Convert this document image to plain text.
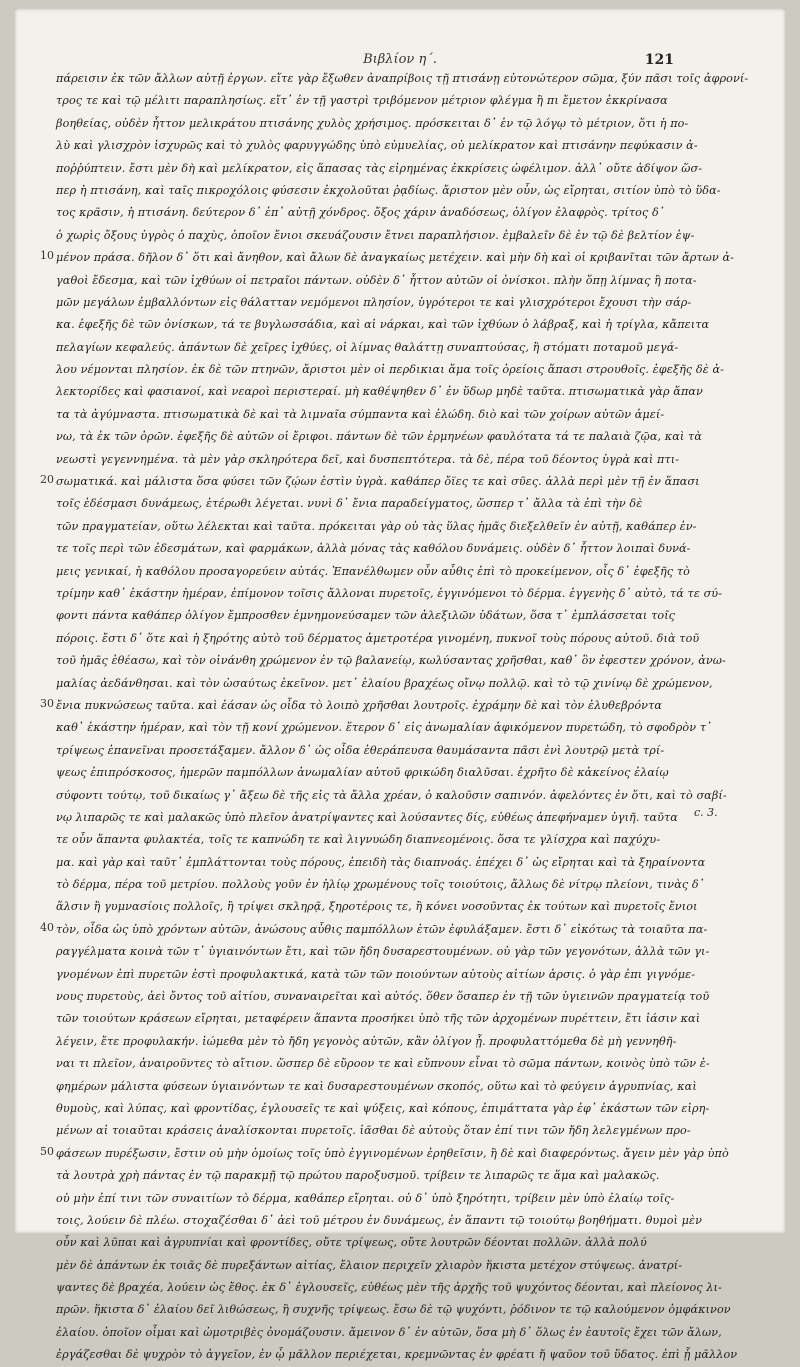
Βιβλίον η΄.	121
10
20
30
40
50
πάρεισιν ἐκ τῶν ἄλλων αὐτῇ ἐργων. εἴτε γὰρ ἔξωθεν ἀναπρίβοις τῇ πτισάνῃ εὐτονώτερον σῶμα, ξύν πᾶσι τοῖς ἀφρονί-
τρος τε καὶ τῷ μέλιτι παραπλησίως. εἴτ᾽ ἐν τῇ γαστρὶ τριβόμενον μέτριον φλέγμα ἢ πι ἔμετον ἐκκρίνασα
βοηθείας, οὐδὲν ἧττον μελικράτου πτισάνης χυλὸς χρήσιμος. πρόσκειται δ᾽ ἐν τῷ λόγῳ τὸ μέτριον, ὅτι ἡ πο-
λὺ καὶ γλισχρὸν ἰσχυρῶς καὶ τὸ χυλὸς φαρυγγώδης ὑπὸ εὐμυελίας, οὐ μελίκρατον καὶ πτισάνην πεφύκασιν ἀ-
ποῤῥύπτειν. ἔστι μὲν δὴ καὶ μελίκρατον, εἰς ἅπασας τὰς εἰρημένας ἐκκρίσεις ὠφέλιμον. ἀλλ᾽ οὔτε ἀδίψον ὥσ-
περ ἡ πτισάνη, καὶ ταῖς πικροχόλοις φύσεσιν ἐκχολοῦται ῥᾳδίως. ἄριστον μὲν οὖν, ὡς εἴρηται, σιτίον ὑπὸ τὸ ὕδα-
τος κρᾶσιν, ἡ πτισάνη. δεύτερον δ᾽ ἐπ᾽ αὐτῇ χόνδρος. ὄξος χάριν ἀναδόσεως, ὀλίγον ἐλαφρὸς. τρίτος δ᾽
ὁ χωρὶς ὄξους ὑγρὸς ὁ παχὺς, ὁποῖον ἔνιοι σκευάζουσιν ἔτνει παραπλήσιον. ἐμβαλεῖν δὲ ἐν τῷ δὲ βελτίον ἑψ-
μένον πράσα. δῆλον δ᾽ ὅτι καὶ ἄνηθον, καὶ ἄλων δὲ ἀναγκαίως μετέχειν. καὶ μὴν δὴ καὶ οἱ κριβανῖται τῶν ἄρτων ἀ-
γαθοὶ ἔδεσμα, καὶ τῶν ἰχθύων οἱ πετραῖοι πάντων. οὐδὲν δ᾽ ἧττον αὐτῶν οἱ ὀνίσκοι. πλὴν ὅπῃ λίμνας ἢ ποτα-
μῶν μεγάλων ἐμβαλλόντων εἰς θάλατταν νεμόμενοι πλησίον, ὑγρότεροι τε καὶ γλισχρότεροι ἔχουσι τὴν σάρ-
κα. ἐφεξῆς δὲ τῶν ὀνίσκων, τά τε βυγλωσσάδια, καὶ αἱ νάρκαι, καὶ τῶν ἰχθύων ὁ λάβραξ, καὶ ἡ τρίγλα, κἄπειτα
πελαγίων κεφαλεύς. ἁπάντων δὲ χεῖρες ἰχθύες, οἱ λίμνας θαλάττῃ συναπτούσας, ἢ στόματι ποταμοῦ μεγά-
λου νέμονται πλησίον. ἐκ δὲ τῶν πτηνῶν, ἄριστοι μὲν οἱ περδικιαι ἅμα τοῖς ὀρείοις ἅπασι στρουθοῖς. ἐφεξῆς δὲ ἀ-
λεκτορίδες καὶ φασιανοί, καὶ νεαροὶ περιστεραί. μὴ καθέψηθεν δ᾽ ἐν ὕδωρ μηδὲ ταῦτα. πτισωματικὰ γὰρ ἅπαν
τα τὰ ἀγύμναστα. πτισωματικὰ δὲ καὶ τὰ λιμναῖα σύμπαντα καὶ ἑλώδη. διὸ καὶ τῶν χοίρων αὐτῶν ἀμεί-
νω, τὰ ἐκ τῶν ὀρῶν. ἐφεξῆς δὲ αὐτῶν οἱ ἔριφοι. πάντων δὲ τῶν ἑρμηνέων φαυλότατα τά τε παλαιὰ ζῷα, καὶ τὰ
νεωστὶ γεγεννημένα. τὰ μὲν γὰρ σκληρότερα δεῖ, καὶ δυσπεπτότερα. τὰ δὲ, πέρα τοῦ δέοντος ὑγρὰ καὶ πτι-
σωματικά. καὶ μάλιστα ὅσα φύσει τῶν ζῴων ἐστὶν ὑγρὰ. καθάπερ ὄϊες τε καὶ σῦες. ἀλλὰ περὶ μὲν τῇ ἐν ἅπασι
τοῖς ἐδέσμασι δυνάμεως, ἑτέρωθι λέγεται. νυνὶ δ᾽ ἔνια παραδείγματος, ὥσπερ τ᾽ ἄλλα τὰ ἐπὶ τὴν δὲ
τῶν πραγματείαν, οὕτω λέλεκται καὶ ταῦτα. πρόκειται γὰρ οὐ τὰς ὕλας ἡμᾶς διεξελθεῖν ἐν αὐτῇ, καθάπερ ἐν-
τε τοῖς περὶ τῶν ἐδεσμάτων, καὶ φαρμάκων, ἀλλὰ μόνας τὰς καθόλου δυνάμεις. οὐδὲν δ᾽ ἧττον λοιπαὶ δυνά-
μεις γενικαί, ἡ καθόλου προσαγορεύειν αὐτάς. Ἐπανέλθωμεν οὖν αὖθις ἐπὶ τὸ προκείμενον, οἷς δ᾽ ἐφεξῆς τὸ
τρίμην καθ᾽ ἑκάστην ἡμέραν, ἐπίμονον τοῖσις ἄλλοναι πυρετοῖς, ἐγγινόμενοι τὸ δέρμα. ἐγγενὴς δ᾽ αὐτὸ, τά τε σύ-
φοντι πάντα καθάπερ ὀλίγον ἔμπροσθεν ἐμνημονεύσαμεν τῶν ἀλεξιλῶν ὑδάτων, ὅσα τ᾽ ἐμπλάσσεται τοῖς
πόροις. ἔστι δ᾽ ὅτε καὶ ἡ ξηρότης αὐτὸ τοῦ δέρματος ἀμετροτέρα γινομένη, πυκνοῖ τοὺς πόρους αὐτοῦ. διὰ τοῦ
τοῦ ἡμᾶς ἐθέασω, καὶ τὸν οἰνάνθη χρώμενον ἐν τῷ βαλανείῳ, κωλύσαντας χρῆσθαι, καθ᾽ ὃν ἐφεστεν χρόνον, ἀνω-
μαλίας ἀεδάνθησαι. καὶ τὸν ὡσαύτως ἐκεῖνον. μετ᾽ ἐλαίου βραχέως οἴνῳ πολλῷ. καὶ τὸ τῷ χινίνῳ δὲ χρώμενον,
ἔνια πυκνώσεως ταῦτα. καὶ ἐάσαν ὡς οἶδα τὸ λοιπὸ χρῆσθαι λουτροῖς. ἐχράμην δὲ καὶ τὸν ἐλυθεβρόντα
καθ᾽ ἑκάστην ἡμέραν, καὶ τὸν τῇ κονί χρώμενον. ἕτερον δ᾽ εἰς ἀνωμαλίαν ἀφικόμενον πυρετώδη, τὸ σφοδρὸν τ᾽
τρίψεως ἐπανεῖναι προσετάξαμεν. ἄλλον δ᾽ ὡς οἶδα ἐθεράπευσα θαυμάσαντα πᾶσι ἐνὶ λουτρῷ μετὰ τρί-
ψεως ἐπιπρόσκοσος, ἡμερῶν παμπόλλων ἀνωμαλίαν αὐτοῦ φρικώδη διαλῦσαι. ἐχρῆτο δὲ κἀκείνος ἐλαίῳ
σύφοντι τούτῳ, τοῦ δικαίως γ᾽ ἄξεω δὲ τῆς εἰς τὰ ἄλλα χρέαν, ὁ καλοῦσιν σαπινόν. ἀφελόντες ἐν ὅτι, καὶ τὸ σαβί-
νῳ λιπαρῶς τε καὶ μαλακῶς ὑπὸ πλεῖον ἀνατρίψαντες καὶ λούσαντες δίς, εὐθέως ἀπεφήναμεν ὑγιῆ. ταῦτα
τε οὖν ἅπαντα φυλακτέα, τοῖς τε καπνώδη τε καὶ λιγνυώδη διαπνεομένοις. ὅσα τε γλίσχρα καὶ παχύχυ-
μα. καὶ γὰρ καὶ ταῦτ᾽ ἐμπλάττονται τοὺς πόρους, ἐπειδὴ τὰς διαπνοάς. ἐπέχει δ᾽ ὡς εἴρηται καὶ τὰ ξηραίνοντα
τὸ δέρμα, πέρα τοῦ μετρίου. πολλοὺς γοῦν ἐν ἡλίῳ χρωμένους τοῖς τοιούτοις, ἄλλως δὲ νίτρῳ πλείονι, τινὰς δ᾽
ἅλσιν ἢ γυμνασίοις πολλοῖς, ἢ τρίψει σκληρᾷ, ξηροτέροις τε, ἢ κόνει νοσοῦντας ἐκ τούτων καὶ πυρετοῖς ἔνιοι
τὸν, οἶδα ὡς ὑπὸ χρόντων αὐτῶν, ἀνώσους αὖθις παμπόλλων ἐτῶν ἐφυλάξαμεν. ἔστι δ᾽ εἰκότως τὰ τοιαῦτα πα-
ραγγέλματα κοινὰ τῶν τ᾽ ὑγιαινόντων ἔτι, καὶ τῶν ἤδη δυσαρεστουμένων. οὐ γὰρ τῶν γεγονότων, ἀλλὰ τῶν γι-
γνομένων ἐπὶ πυρετῶν ἐστὶ προφυλακτικά, κατὰ τῶν τῶν ποιούντων αὐτοὺς αἰτίων ἀρσις. ὁ γὰρ ἐπι γιγνόμε-
νους πυρετοὺς, ἀεὶ ὄντος τοῦ αἰτίου, συναναιρεῖται καὶ αὐτός. ὅθεν ὅσαπερ ἐν τῇ τῶν ὑγιεινῶν πραγματείᾳ τοῦ
τῶν τοιούτων κράσεων εἴρηται, μεταφέρειν ἅπαντα προσήκει ὑπὸ τῆς τῶν ἀρχομένων πυρέττειν, ἔτι ἰάσιν καὶ
λέγειν, ἔτε προφυλακήν. ἰώμεθα μὲν τὸ ἤδη γεγονὸς αὐτῶν, κἂν ὀλίγον ᾖ. προφυλαττόμεθα δὲ μὴ γεννηθῆ-
ναι τι πλεῖον, ἀναιροῦντες τὸ αἴτιον. ὥσπερ δὲ εὔροον τε καὶ εὔπνουν εἶναι τὸ σῶμα πάντων, κοινὸς ὑπὸ τῶν ἐ-
φημέρων μάλιστα φύσεων ὑγιαινόντων τε καὶ δυσαρεστουμένων σκοπός, οὕτω καὶ τὸ φεύγειν ἀγρυπνίας, καὶ
θυμοὺς, καὶ λύπας, καὶ φροντίδας, ἐγλουσεῖς τε καὶ ψύξεις, καὶ κόπους, ἐπιμάττατα γὰρ ἐφ᾽ ἑκάστων τῶν εἰρη-
μένων αἱ τοιαῦται κράσεις ἀναλίσκονται πυρετοῖς. ἰᾶσθαι δὲ αὐτοὺς ὅταν ἐπί τινι τῶν ἤδη λελεγμένων προ-
φάσεων πυρέξωσιν, ἔστιν οὐ μὴν ὁμοίως τοῖς ὑπὸ ἐγγινομένων ἐρηθεῖσιν, ἢ δὲ καὶ διαφερόντως. ἄγειν μὲν γὰρ ὑπὸ
τὰ λουτρὰ χρὴ πάντας ἐν τῷ παρακμῇ τῷ πρώτου παροξυσμοῦ. τρίβειν τε λιπαρῶς τε ἅμα καὶ μαλακῶς.
οὐ μὴν ἐπί τινι τῶν συναιτίων τὸ δέρμα, καθάπερ εἴρηται. οὐ δ᾽ ὑπὸ ξηρότητι, τρίβειν μὲν ὑπὸ ἐλαίῳ τοῖς-
τοις, λούειν δὲ πλέω. στοχαζέσθαι δ᾽ ἀεὶ τοῦ μέτρου ἐν δυνάμεως, ἐν ἅπαντι τῷ τοιούτῳ βοηθήματι. θυμοὶ μὲν
οὖν καὶ λῦπαι καὶ ἀγρυπνίαι καὶ φροντίδες, οὔτε τρίψεως, οὔτε λουτρῶν δέονται πολλῶν. ἀλλὰ πολύ
μὲν δὲ ἁπάντων ἐκ τοιᾶς δὲ πυρεξάντων αἰτίας, ἔλαιον περιχεῖν χλιαρὸν ἥκιστα μετέχον στύψεως. ἀνατρί-
ψαντες δὲ βραχέα, λούειν ὡς ἔθος. ἐκ δ᾽ ἐγλουσεῖς, εὐθέως μὲν τῆς ἀρχῆς τοῦ ψυχόντος δέονται, καὶ πλείονος λι-
πρῶν. ἥκιστα δ᾽ ἐλαίου δεῖ λιθώσεως, ἢ συχνῆς τρίψεως. ἔσω δὲ τῷ ψυχόντι, ῥόδινον τε τῷ καλούμενον ὀμφάκινον
ἐλαίου. ὁποῖον οἷμαι καὶ ὠμοτριβὲς ὀνομάζουσιν. ἄμεινον δ᾽ ἐν αὐτῶν, ὅσα μὴ δ᾽ ὅλως ἐν ἑαυτοῖς ἔχει τῶν ἄλων,
ἐργάζεσθαι δὲ ψυχρὸν τὸ ἀγγεῖον, ἐν ᾧ μᾶλλον περιέχεται, κρεμνῶντας ἐν φρέατι ἤ ψαῦον τοῦ ὕδατος. ἐπὶ ᾗ μᾶλλον
c. 3.
